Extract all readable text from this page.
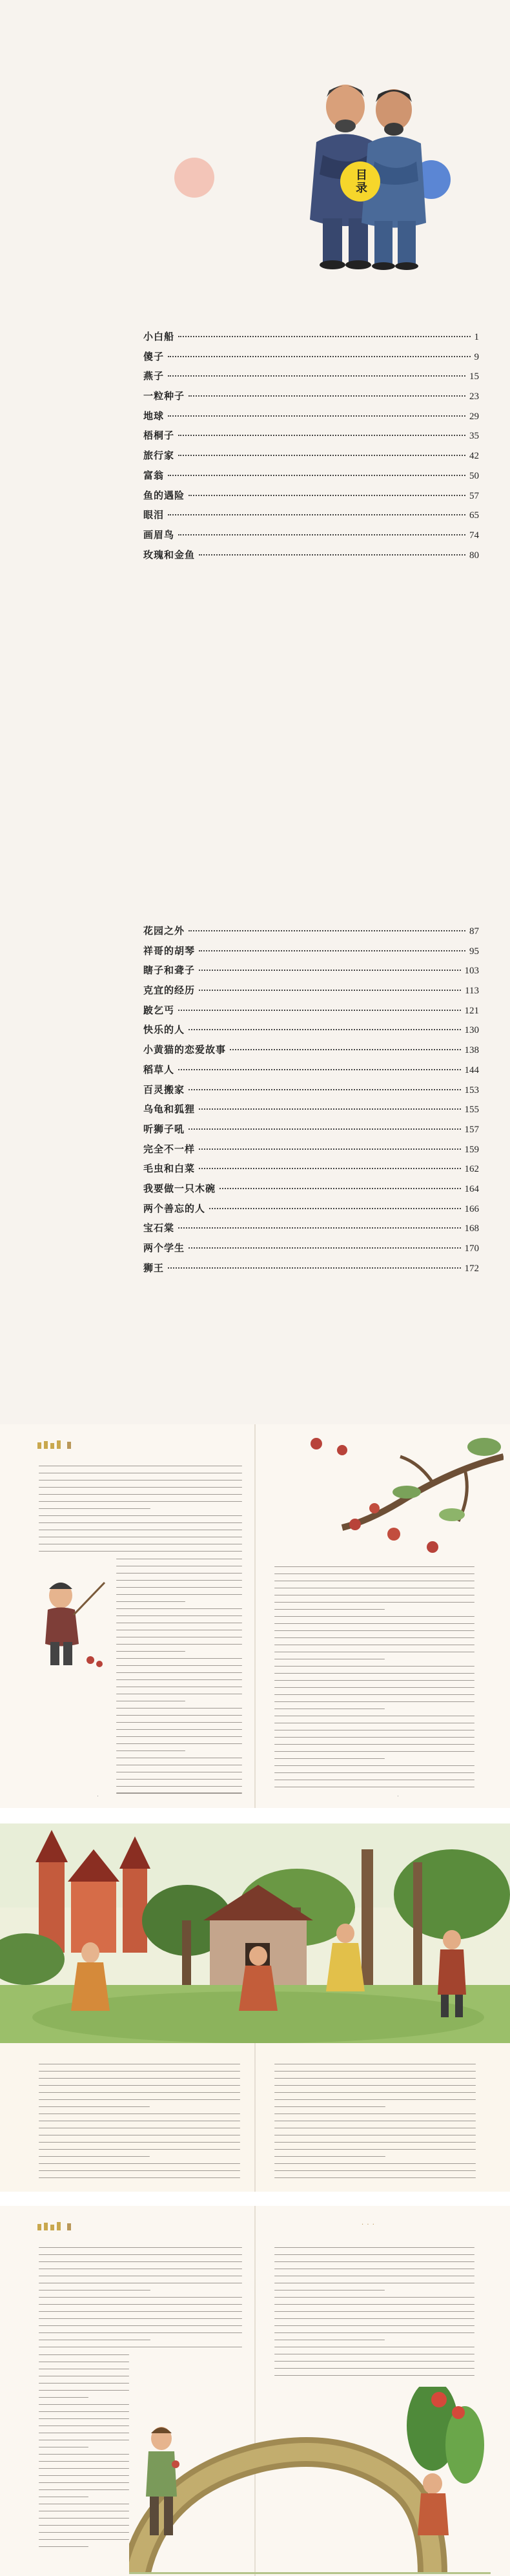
目录
小白船	1
傻子	9
燕子	15
一粒种子	23
地球	29
梧桐子	35
旅行家	42
富翁	50
鱼的遇险	57
眼泪	65
画眉鸟	74
玫瑰和金鱼	80
花园之外	87
祥哥的胡琴	95
瞎子和聋子	103
克宜的经历	113
跛乞丐	121
快乐的人	130
小黄猫的恋爱故事	138
稻草人	144
百灵搬家	153
乌龟和狐狸	155
听狮子吼	157
完全不一样	159
毛虫和白菜	162
我要做一只木碗	164
两个善忘的人	166
宝石棠	168
两个学生	170
狮王	172
·	·
· · ·
